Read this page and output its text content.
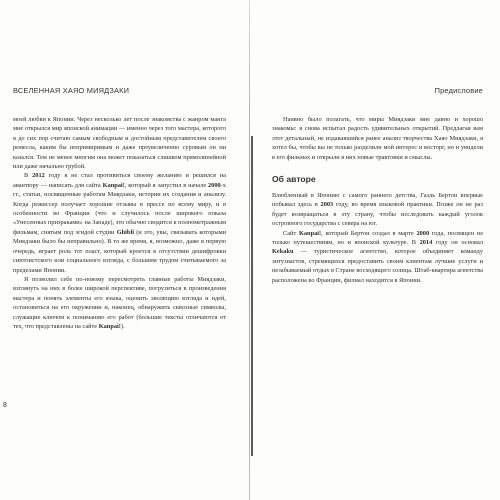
ВСЕЛЕННАЯ ХАЯО МИЯДЗАКИ

моей любви к Японии. Через несколько лет после знакомства с жанром манга мне открылся мир японской анимации — именно через того мастера, которого я до сих пор считаю самым свободным и достойным представителем своего ремесла, каким бы непримиримым и даже преувеличенно суровым он ни казался. Тем не менее многим она может показаться слишком прямолинейной или даже начально грубой.

В 2012 году я не стал противиться своему желанию и решился на авантюру — написать для сайта Kanpai!, который я запустил в начале 2000-х гг., статьи, посвященные работам Миядзаки, истории их создания и анализу. Когда режиссер получает хорошие отзывы в прессе по всему миру, и в особенности во Франции (что и случилось после широкого показа «Унесенных призраками» на Западе), это обычно сводится к полнометражным фильмам, снятым под эгидой студии Ghibli (и это, увы, связывать которыми Миядзаки было бы неправильно). В то же время, я, возможно, даже в первую очередь, играет роль тот пласт, который кроется в отсутствии дешифровки синтоистского или социального взгляда, с большим трудом считываемого за пределами Японии.

Я позволил себе по-новому пересмотреть главные работы Миядзаки, взглянуть на них в более широкой перспективе, погрузиться в произведения мастера и понять элементы его языка, оценить эволюцию взгляда и идей, остановиться на его окружении и, наконец, обнаружить сквозные символы, служащие ключом к пониманию его работ (большие тексты отличаются от тех, что представлены на сайте Kanpai!).

8

Предисловие

Наивно было полагать, что миры Миядзаки мне давно и хорошо знакомы: я снова испытал радость удивительных открытий. Предлагая вам этот детальный, не издававшийся ранее анализ творчества Хаяо Миядзаки, я хотел бы, чтобы вы не только разделили мой интерес и восторг, но и увидели в его фильмах и открыли в них новые трактовки и смыслы.

Об авторе

Влюбленный в Японию с самого раннего детства, Гаэль Бертон впервые побывал здесь в 2003 году, во время языковой практики. Позже он не раз будет возвращаться в эту страну, чтобы исследовать каждый уголок островного государства с севера на юг.

Сайт Kanpai!, который Бертон создал в марте 2000 года, посвящен не только путешествиям, но и японской культуре. В 2014 году он основал Kekaku — туристическое агентство, которое объединяет команду энтузиастов, стремящихся предоставить своим клиентам лучшие услуги и незабываемый отдых в Стране восходящего солнца. Штаб-квартира агентства расположена во Франции, филиал находится в Японии.
